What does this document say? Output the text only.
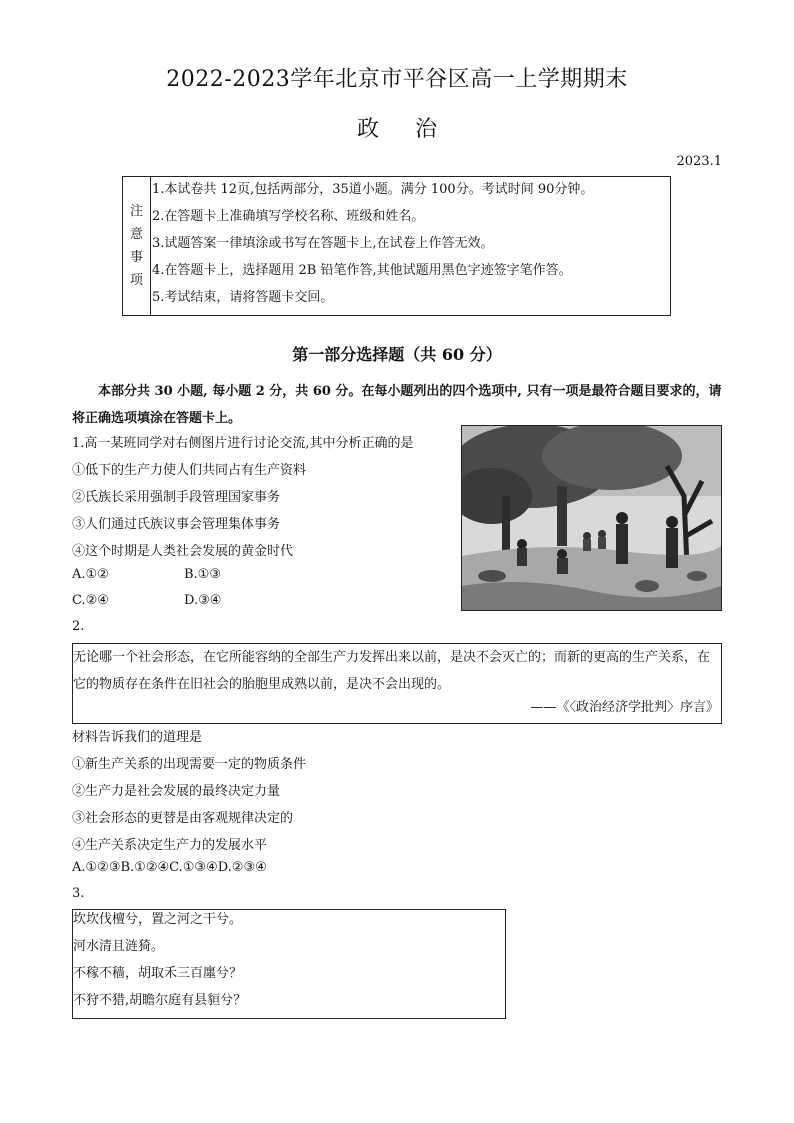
2022-2023学年北京市平谷区高一上学期期末
政治
2023.1
注
意
事
项
1.本试卷共 12页,包括两部分，35道小题。满分 100分。考试时间 90分钟。
2.在答题卡上准确填写学校名称、班级和姓名。
3.试题答案一律填涂或书写在答题卡上,在试卷上作答无效。
4.在答题卡上，选择题用 2B 铅笔作答,其他试题用黑色字迹签字笔作答。
5.考试结束，请将答题卡交回。
第一部分选择题（共 60 分）
本部分共 30 小题, 每小题 2 分，共 60 分。在每小题列出的四个选项中, 只有一项是最符合题目要求的，请将正确选项填涂在答题卡上。
1.高一某班同学对右侧图片进行讨论交流,其中分析正确的是
①低下的生产力使人们共同占有生产资料
②氏族长采用强制手段管理国家事务
③人们通过氏族议事会管理集体事务
④这个时期是人类社会发展的黄金时代
A.①②	B.①③
C.②④	D.③④
2.
无论哪一个社会形态，在它所能容纳的全部生产力发挥出来以前，是决不会灭亡的；而新的更高的生产关系，在它的物质存在条件在旧社会的胎胞里成熟以前，是决不会出现的。
——《〈政治经济学批判〉序言》
材料告诉我们的道理是
①新生产关系的出现需要一定的物质条件
②生产力是社会发展的最终决定力量
③社会形态的更替是由客观规律决定的
④生产关系决定生产力的发展水平
A.①②③B.①②④C.①③④D.②③④
3.
坎坎伐檀兮，置之河之干兮。
河水清且涟猗。
不稼不穑，胡取禾三百廛兮？
不狩不猎,胡瞻尔庭有县貆兮？
